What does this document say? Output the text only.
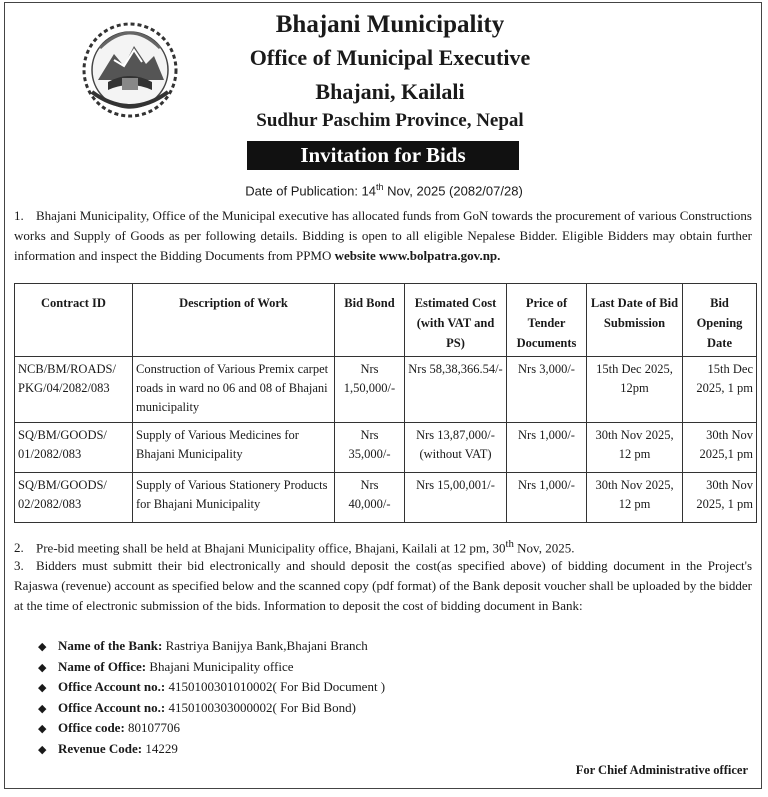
Bhajani Municipality
Office of Municipal Executive
Bhajani, Kailali
Sudhur Paschim Province, Nepal
Invitation for Bids
Date of Publication: 14th Nov, 2025 (2082/07/28)
1. Bhajani Municipality, Office of the Municipal executive has allocated funds from GoN towards the procurement of various Constructions works and Supply of Goods as per following details. Bidding is open to all eligible Nepalese Bidder. Eligible Bidders may obtain further information and inspect the Bidding Documents from PPMO website www.bolpatra.gov.np.
Contract ID	Description of Work	Bid Bond	Estimated Cost (with VAT and PS)	Price of Tender Documents	Last Date of Bid Submission	Bid Opening Date
NCB/BM/ROADS/ PKG/04/2082/083	Construction of Various Premix carpet roads in ward no 06 and 08 of Bhajani municipality	Nrs 1,50,000/-	Nrs 58,38,366.54/-	Nrs 3,000/-	15th Dec 2025, 12pm	15th Dec 2025, 1 pm
SQ/BM/GOODS/ 01/2082/083	Supply of Various Medicines for Bhajani Municipality	Nrs 35,000/-	Nrs 13,87,000/- (without VAT)	Nrs 1,000/-	30th Nov 2025, 12 pm	30th Nov 2025,1 pm
SQ/BM/GOODS/ 02/2082/083	Supply of Various Stationery Products for Bhajani Municipality	Nrs 40,000/-	Nrs 15,00,001/-	Nrs 1,000/-	30th Nov 2025, 12 pm	30th Nov 2025, 1 pm
2. Pre-bid meeting shall be held at Bhajani Municipality office, Bhajani, Kailali at 12 pm, 30th Nov, 2025.
3. Bidders must submitt their bid electronically and should deposit the cost(as specified above) of bidding document in the Project's Rajaswa (revenue) account as specified below and the scanned copy (pdf format) of the Bank deposit voucher shall be uploaded by the bidder at the time of electronic submission of the bids. Information to deposit the cost of bidding document in Bank:
◆ Name of the Bank: Rastriya Banijya Bank,Bhajani Branch
◆ Name of Office: Bhajani Municipality office
◆ Office Account no.: 4150100301010002( For Bid Document )
◆ Office Account no.: 4150100303000002( For Bid Bond)
◆ Office code: 80107706
◆ Revenue Code: 14229
For Chief Administrative officer
